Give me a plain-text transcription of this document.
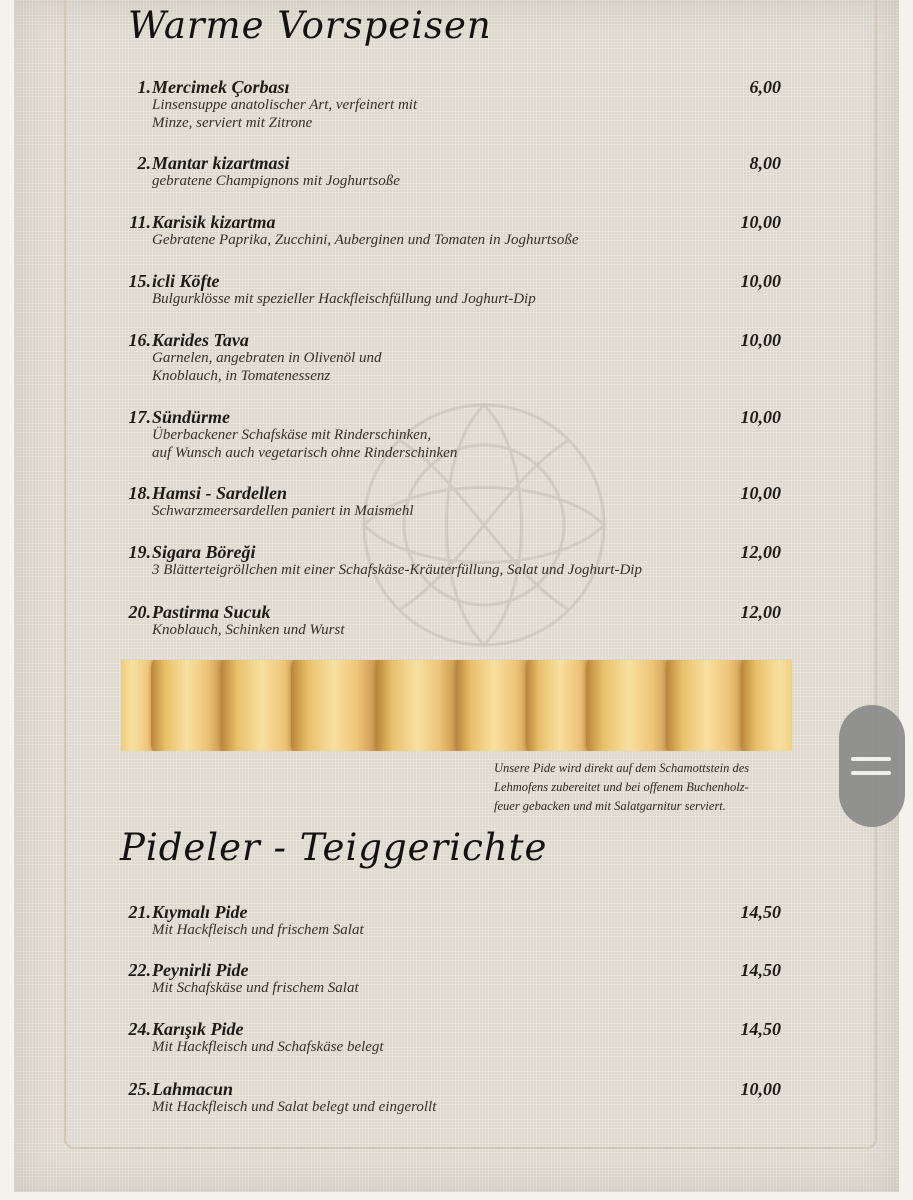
Warme Vorspeisen
1. Mercimek Çorbası	6,00
Linsensuppe anatolischer Art, verfeinert mit
Minze, serviert mit Zitrone
2. Mantar kizartmasi	8,00
gebratene Champignons mit Joghurtsoße
11. Karisik kizartma	10,00
Gebratene Paprika, Zucchini, Auberginen und Tomaten in Joghurtsoße
15. icli Köfte	10,00
Bulgurklösse mit spezieller Hackfleischfüllung und Joghurt-Dip
16. Karides Tava	10,00
Garnelen, angebraten in Olivenöl und
Knoblauch, in Tomatenessenz
17. Sündürme	10,00
Überbackener Schafskäse mit Rinderschinken,
auf Wunsch auch vegetarisch ohne Rinderschinken
18. Hamsi - Sardellen	10,00
Schwarzmeersardellen paniert in Maismehl
19. Sigara Böreği	12,00
3 Blätterteigröllchen mit einer Schafskäse-Kräuterfüllung, Salat und Joghurt-Dip
20. Pastirma Sucuk	12,00
Knoblauch, Schinken und Wurst
Unsere Pide wird direkt auf dem Schamottstein des
Lehmofens zubereitet und bei offenem Buchenholz-
feuer gebacken und mit Salatgarnitur serviert.
Pideler - Teiggerichte
21. Kıymalı Pide	14,50
Mit Hackfleisch und frischem Salat
22. Peynirli Pide	14,50
Mit Schafskäse und frischem Salat
24. Karışık Pide	14,50
Mit Hackfleisch und Schafskäse belegt
25. Lahmacun	10,00
Mit Hackfleisch und Salat belegt und eingerollt
